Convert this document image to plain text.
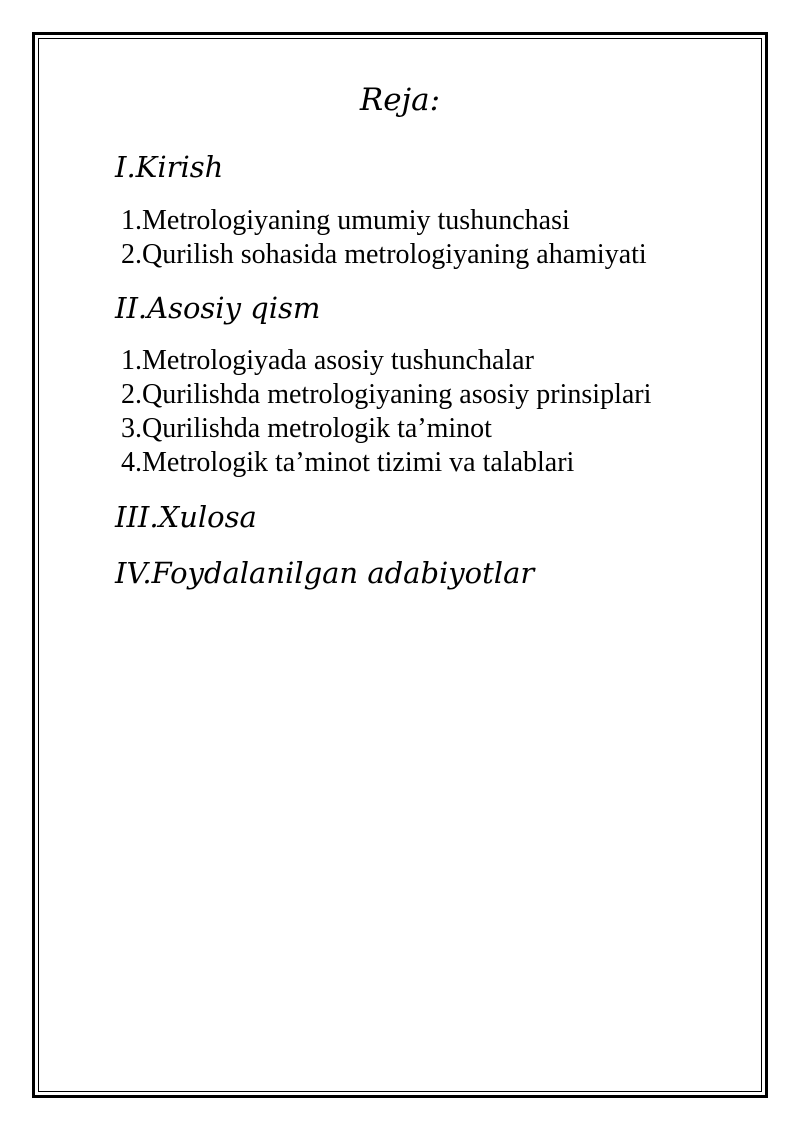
Reja:
I.Kirish
1.Metrologiyaning umumiy tushunchasi
2.Qurilish sohasida metrologiyaning ahamiyati
II.Asosiy qism
1.Metrologiyada asosiy tushunchalar
2.Qurilishda metrologiyaning asosiy prinsiplari
3.Qurilishda metrologik ta’minot
4.Metrologik ta’minot tizimi va talablari
III.Xulosa
IV.Foydalanilgan adabiyotlar
